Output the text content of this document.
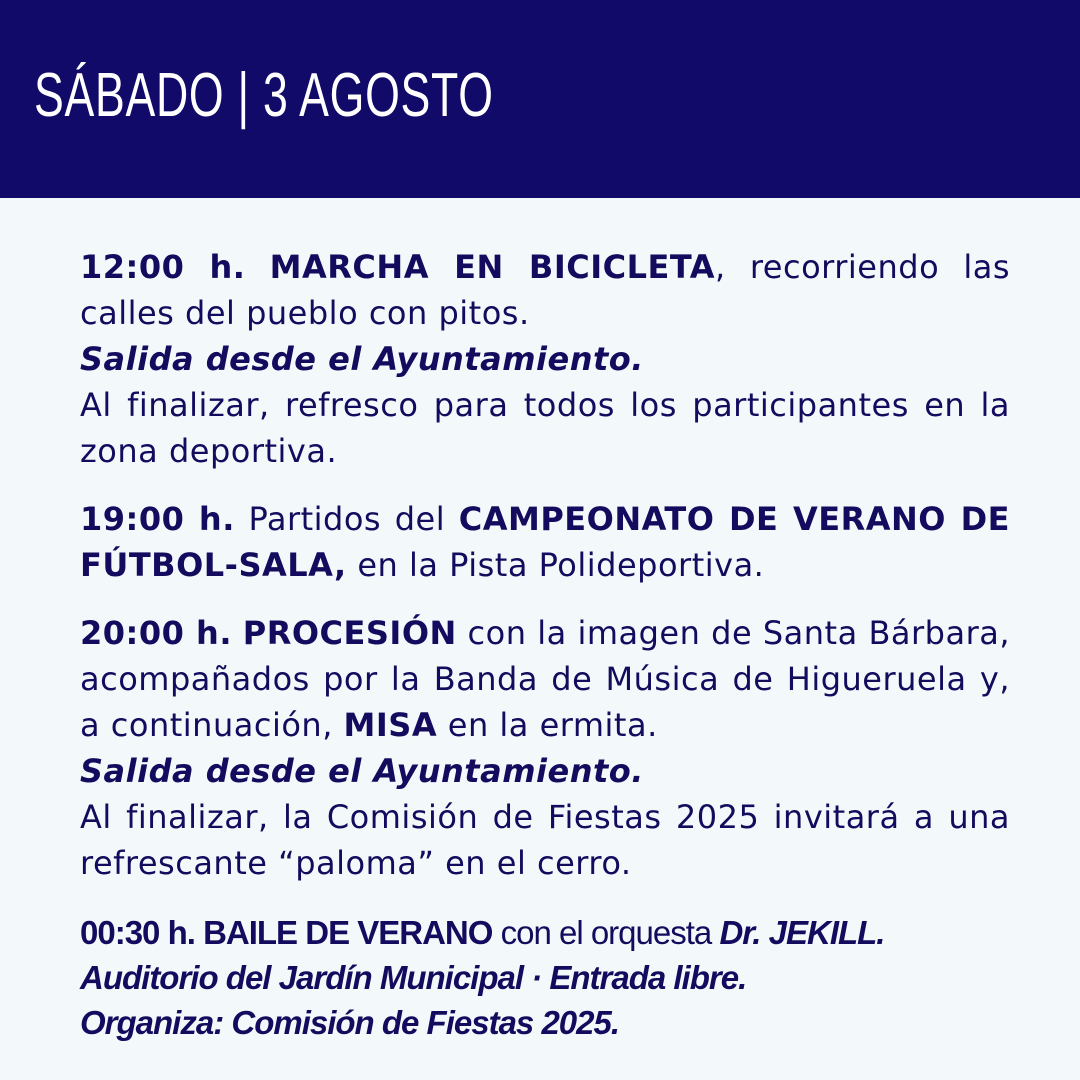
SÁBADO | 3 AGOSTO

12:00 h. MARCHA EN BICICLETA, recorriendo las calles del pueblo con pitos.

Salida desde el Ayuntamiento.

Al finalizar, refresco para todos los participantes en la zona deportiva.

19:00 h. Partidos del CAMPEONATO DE VERANO DE FÚTBOL-SALA, en la Pista Polideportiva.

20:00 h. PROCESIÓN con la imagen de Santa Bárbara, acompañados por la Banda de Música de Higueruela y, a continuación, MISA en la ermita.

Salida desde el Ayuntamiento.

Al finalizar, la Comisión de Fiestas 2025 invitará a una refrescante “paloma” en el cerro.

00:30 h. BAILE DE VERANO con el orquesta Dr. JEKILL.

Auditorio del Jardín Municipal · Entrada libre.

Organiza: Comisión de Fiestas 2025.
